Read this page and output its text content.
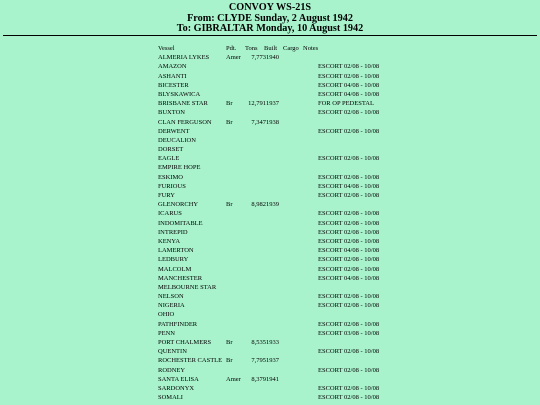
CONVOY WS-21S
From: CLYDE Sunday, 2 August 1942
To: GIBRALTAR Monday, 10 August 1942
Vessel	Pdt. Tons Built Cargo Notes
ALMERIA LYKES	Amer	7,773 1940
AMAZON	ESCORT 02/08 - 10/08
ASHANTI	ESCORT 02/08 - 10/08
BICESTER	ESCORT 04/08 - 10/08
BLYSKAWICA	ESCORT 04/08 - 10/08
BRISBANE STAR	Br	12,791 1937	FOR OP PEDESTAL
BUXTON	ESCORT 02/08 - 10/08
CLAN FERGUSON Br	7,347 1938
DERWENT	ESCORT 02/08 - 10/08
DEUCALION
DORSET
EAGLE	ESCORT 02/08 - 10/08
EMPIRE HOPE
ESKIMO	ESCORT 02/08 - 10/08
FURIOUS	ESCORT 04/08 - 10/08
FURY	ESCORT 02/08 - 10/08
GLENORCHY	Br	8,982 1939
ICARUS	ESCORT 02/08 - 10/08
INDOMITABLE	ESCORT 02/08 - 10/08
INTREPID	ESCORT 02/08 - 10/08
KENYA	ESCORT 02/08 - 10/08
LAMERTON	ESCORT 04/08 - 10/08
LEDBURY	ESCORT 02/08 - 10/08
MALCOLM	ESCORT 02/08 - 10/08
MANCHESTER	ESCORT 04/08 - 10/08
MELBOURNE STAR
NELSON	ESCORT 02/08 - 10/08
NIGERIA	ESCORT 02/08 - 10/08
OHIO
PATHFINDER	ESCORT 02/08 - 10/08
PENN	ESCORT 03/08 - 10/08
PORT CHALMERS Br	8,535 1933
QUENTIN	ESCORT 02/08 - 10/08
ROCHESTER CASTLE Br	7,795 1937
RODNEY	ESCORT 02/08 - 10/08
SANTA ELISA	Amer	8,379 1941
SARDONYX	ESCORT 02/08 - 10/08
SOMALI	ESCORT 02/08 - 10/08
